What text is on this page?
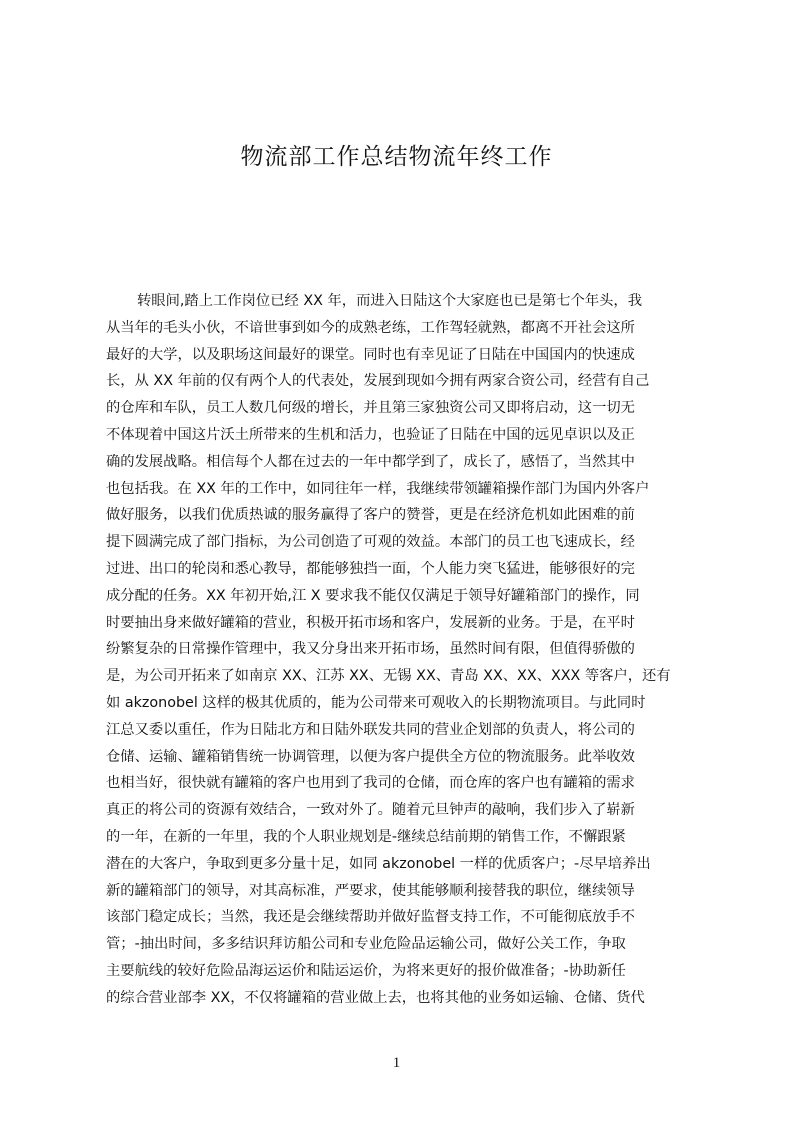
物流部工作总结物流年终工作
转眼间,踏上工作岗位已经 XX 年，而进入日陆这个大家庭也已是第七个年头，我
从当年的毛头小伙，不谙世事到如今的成熟老练，工作驾轻就熟，都离不开社会这所
最好的大学，以及职场这间最好的课堂。同时也有幸见证了日陆在中国国内的快速成
长，从 XX 年前的仅有两个人的代表处，发展到现如今拥有两家合资公司，经营有自己
的仓库和车队，员工人数几何级的增长，并且第三家独资公司又即将启动，这一切无
不体现着中国这片沃土所带来的生机和活力，也验证了日陆在中国的远见卓识以及正
确的发展战略。相信每个人都在过去的一年中都学到了，成长了，感悟了，当然其中
也包括我。在 XX 年的工作中，如同往年一样，我继续带领罐箱操作部门为国内外客户
做好服务，以我们优质热诚的服务赢得了客户的赞誉，更是在经济危机如此困难的前
提下圆满完成了部门指标，为公司创造了可观的效益。本部门的员工也飞速成长，经
过进、出口的轮岗和悉心教导，都能够独挡一面，个人能力突飞猛进，能够很好的完
成分配的任务。XX 年初开始,江 X 要求我不能仅仅满足于领导好罐箱部门的操作，同
时要抽出身来做好罐箱的营业，积极开拓市场和客户，发展新的业务。于是，在平时
纷繁复杂的日常操作管理中，我又分身出来开拓市场，虽然时间有限，但值得骄傲的
是，为公司开拓来了如南京 XX、江苏 XX、无锡 XX、青岛 XX、XX、XXX 等客户，还有
如 akzonobel 这样的极其优质的，能为公司带来可观收入的长期物流项目。与此同时
江总又委以重任，作为日陆北方和日陆外联发共同的营业企划部的负责人，将公司的
仓储、运输、罐箱销售统一协调管理，以便为客户提供全方位的物流服务。此举收效
也相当好，很快就有罐箱的客户也用到了我司的仓储，而仓库的客户也有罐箱的需求
真正的将公司的资源有效结合，一致对外了。随着元旦钟声的敲响，我们步入了崭新
的一年，在新的一年里，我的个人职业规划是-继续总结前期的销售工作，不懈跟紧
潜在的大客户，争取到更多分量十足，如同 akzonobel 一样的优质客户；-尽早培养出
新的罐箱部门的领导，对其高标准，严要求，使其能够顺利接替我的职位，继续领导
该部门稳定成长；当然，我还是会继续帮助并做好监督支持工作，不可能彻底放手不
管；-抽出时间，多多结识拜访船公司和专业危险品运输公司，做好公关工作，争取
主要航线的较好危险品海运运价和陆运运价，为将来更好的报价做准备；-协助新任
的综合营业部李 XX，不仅将罐箱的营业做上去，也将其他的业务如运输、仓储、货代
1
